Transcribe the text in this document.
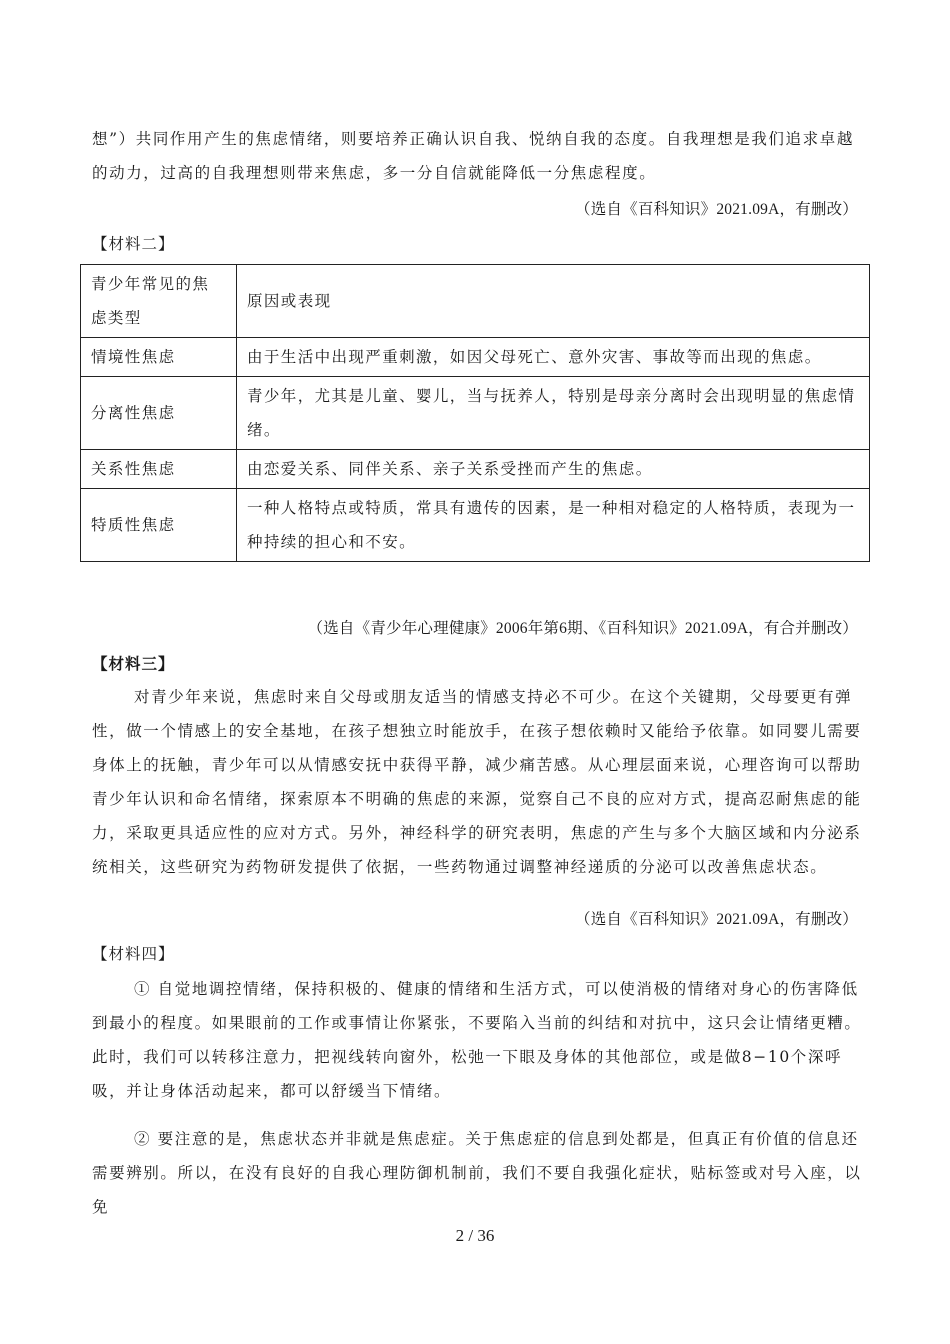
想”）共同作用产生的焦虑情绪，则要培养正确认识自我、悦纳自我的态度。自我理想是我们追求卓越的动力，过高的自我理想则带来焦虑，多一分自信就能降低一分焦虑程度。

（选自《百科知识》2021.09A，有删改）

【材料二】

青少年常见的焦虑类型	原因或表现
情境性焦虑	由于生活中出现严重刺激，如因父母死亡、意外灾害、事故等而出现的焦虑。
分离性焦虑	青少年，尤其是儿童、婴儿，当与抚养人，特别是母亲分离时会出现明显的焦虑情绪。
关系性焦虑	由恋爱关系、同伴关系、亲子关系受挫而产生的焦虑。
特质性焦虑	一种人格特点或特质，常具有遗传的因素，是一种相对稳定的人格特质，表现为一种持续的担心和不安。

（选自《青少年心理健康》2006年第6期、《百科知识》2021.09A，有合并删改）

【材料三】

对青少年来说，焦虑时来自父母或朋友适当的情感支持必不可少。在这个关键期，父母要更有弹性，做一个情感上的安全基地，在孩子想独立时能放手，在孩子想依赖时又能给予依靠。如同婴儿需要身体上的抚触，青少年可以从情感安抚中获得平静，减少痛苦感。从心理层面来说，心理咨询可以帮助青少年认识和命名情绪，探索原本不明确的焦虑的来源，觉察自己不良的应对方式，提高忍耐焦虑的能力，采取更具适应性的应对方式。另外，神经科学的研究表明，焦虑的产生与多个大脑区域和内分泌系统相关，这些研究为药物研发提供了依据，一些药物通过调整神经递质的分泌可以改善焦虑状态。

（选自《百科知识》2021.09A，有删改）

【材料四】

① 自觉地调控情绪，保持积极的、健康的情绪和生活方式，可以使消极的情绪对身心的伤害降低到最小的程度。如果眼前的工作或事情让你紧张，不要陷入当前的纠结和对抗中，这只会让情绪更糟。此时，我们可以转移注意力，把视线转向窗外，松弛一下眼及身体的其他部位，或是做8−10个深呼吸，并让身体活动起来，都可以舒缓当下情绪。

② 要注意的是，焦虑状态并非就是焦虑症。关于焦虑症的信息到处都是，但真正有价值的信息还需要辨别。所以，在没有良好的自我心理防御机制前，我们不要自我强化症状，贴标签或对号入座，以免

2 / 36
